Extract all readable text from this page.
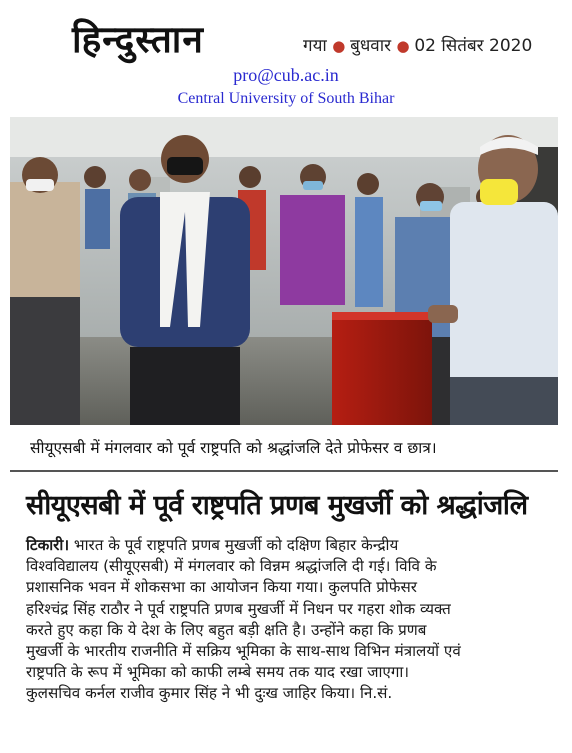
हिन्दुस्तान	गया ● बुधवार ● 02 सितंबर 2020
pro@cub.ac.in
Central University of South Bihar
सीयूएसबी में मंगलवार को पूर्व राष्ट्रपति को श्रद्धांजलि देते प्रोफेसर व छात्र।
सीयूएसबी में पूर्व राष्ट्रपति प्रणब मुखर्जी को श्रद्धांजलि

टिकारी। भारत के पूर्व राष्ट्रपति प्रणब मुखर्जी को दक्षिण बिहार केन्द्रीय

विश्वविद्यालय (सीयूएसबी) में मंगलवार को विन्नम श्रद्धांजलि दी गई। विवि के

प्रशासनिक भवन में शोकसभा का आयोजन किया गया। कुलपति प्रोफेसर

हरिश्चंद्र सिंह राठौर ने पूर्व राष्ट्रपति प्रणब मुखर्जी में निधन पर गहरा शोक व्यक्त

करते हुए कहा कि ये देश के लिए बहुत बड़ी क्षति है। उन्होंने कहा कि प्रणब

मुखर्जी के भारतीय राजनीति में सक्रिय भूमिका के साथ-साथ विभिन मंत्रालयों एवं

राष्ट्रपति के रूप में भूमिका को काफी लम्बे समय तक याद रखा जाएगा।

कुलसचिव कर्नल राजीव कुमार सिंह ने भी दुःख जाहिर किया। नि.सं.
